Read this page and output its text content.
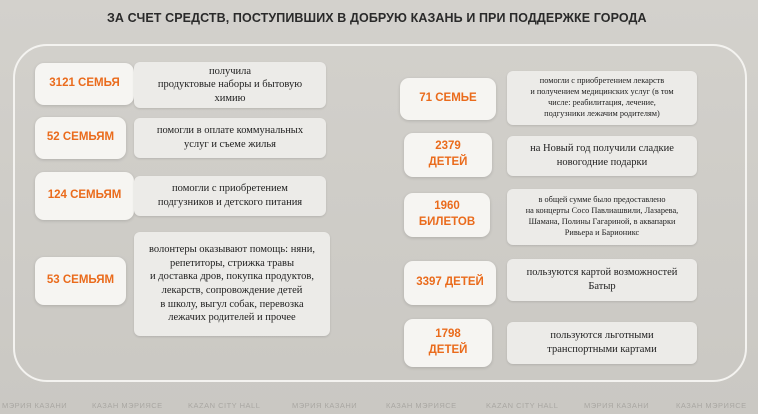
ЗА СЧЕТ СРЕДСТВ, ПОСТУПИВШИХ В ДОБРУЮ КАЗАНЬ И ПРИ ПОДДЕРЖКЕ ГОРОДА
3121 СЕМЬЯ
получила
продуктовые наборы и бытовую
химию
52 СЕМЬЯМ
помогли в оплате коммунальных
услуг и съеме жилья
124 СЕМЬЯМ
помогли с приобретением
подгузников и детского питания
53 СЕМЬЯМ
волонтеры оказывают помощь: няни,
репетиторы, стрижка травы
и доставка дров, покупка продуктов,
лекарств, сопровождение детей
в школу, выгул собак, перевозка
лежачих родителей и прочее
71 СЕМЬЕ
помогли с приобретением лекарств
и получением медицинских услуг (в том
числе: реабилитация, лечение,
подгузники лежачим родителям)
2379
ДЕТЕЙ
на Новый год получили сладкие
новогодние подарки
1960
БИЛЕТОВ
в общей сумме было предоставлено
на концерты Сосо Павлиашвили, Лазарева,
Шамана, Полины Гагариной, в аквапарки
Ривьера и Барионикс
3397 ДЕТЕЙ
пользуются картой возможностей
Батыр
1798
ДЕТЕЙ
пользуются льготными
транспортными картами
МЭРИЯ КАЗАНИ	КАЗАН МЭРИЯСЕ	KAZAN CITY HALL	МЭРИЯ КАЗАНИ	КАЗАН МЭРИЯСЕ	KAZAN CITY HALL	МЭРИЯ КАЗАНИ	КАЗАН МЭРИЯСЕ
